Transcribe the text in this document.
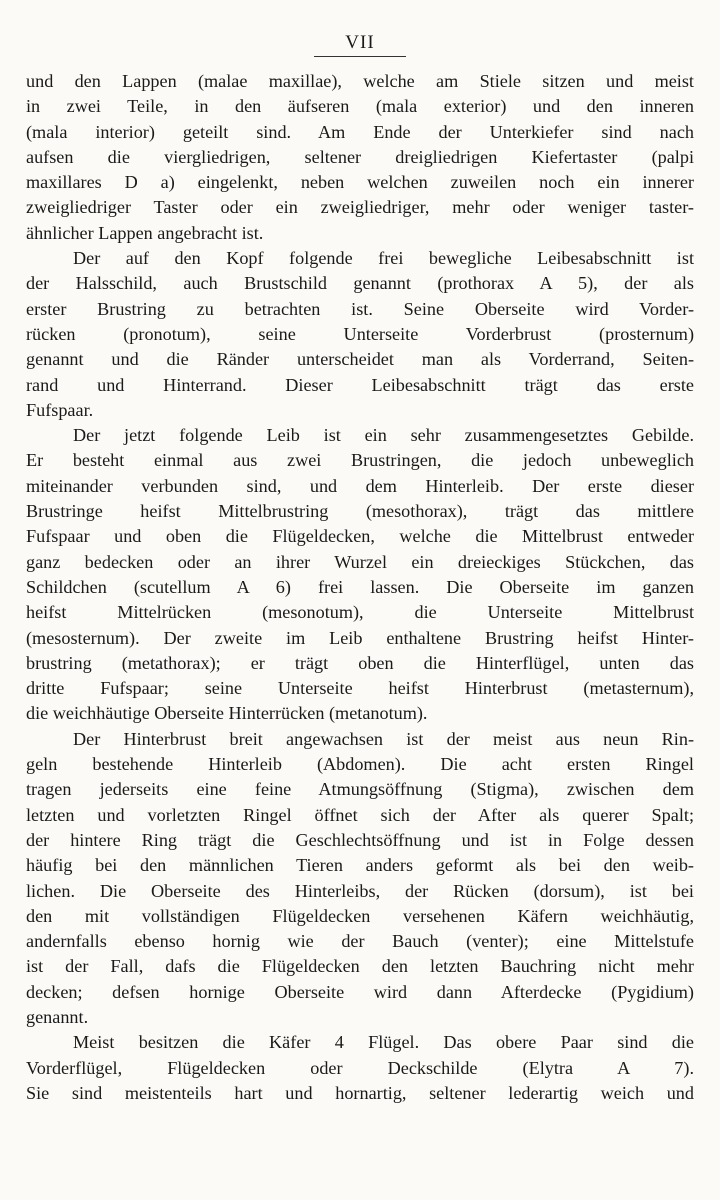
VII
und den Lappen (malae maxillae), welche am Stiele sitzen und meist
in zwei Teile, in den äufseren (mala exterior) und den inneren
(mala interior) geteilt sind. Am Ende der Unterkiefer sind nach
aufsen die viergliedrigen, seltener dreigliedrigen Kiefertaster (palpi
maxillares D a) eingelenkt, neben welchen zuweilen noch ein innerer
zweigliedriger Taster oder ein zweigliedriger, mehr oder weniger taster-
ähnlicher Lappen angebracht ist.
Der auf den Kopf folgende frei bewegliche Leibesabschnitt ist
der Halsschild, auch Brustschild genannt (prothorax A 5), der als
erster Brustring zu betrachten ist. Seine Oberseite wird Vorder-
rücken (pronotum), seine Unterseite Vorderbrust (prosternum)
genannt und die Ränder unterscheidet man als Vorderrand, Seiten-
rand und Hinterrand. Dieser Leibesabschnitt trägt das erste
Fufspaar.
Der jetzt folgende Leib ist ein sehr zusammengesetztes Gebilde.
Er besteht einmal aus zwei Brustringen, die jedoch unbeweglich
miteinander verbunden sind, und dem Hinterleib. Der erste dieser
Brustringe heifst Mittelbrustring (mesothorax), trägt das mittlere
Fufspaar und oben die Flügeldecken, welche die Mittelbrust entweder
ganz bedecken oder an ihrer Wurzel ein dreieckiges Stückchen, das
Schildchen (scutellum A 6) frei lassen. Die Oberseite im ganzen
heifst Mittelrücken (mesonotum), die Unterseite Mittelbrust
(mesosternum). Der zweite im Leib enthaltene Brustring heifst Hinter-
brustring (metathorax); er trägt oben die Hinterflügel, unten das
dritte Fufspaar; seine Unterseite heifst Hinterbrust (metasternum),
die weichhäutige Oberseite Hinterrücken (metanotum).
Der Hinterbrust breit angewachsen ist der meist aus neun Rin-
geln bestehende Hinterleib (Abdomen). Die acht ersten Ringel
tragen jederseits eine feine Atmungsöffnung (Stigma), zwischen dem
letzten und vorletzten Ringel öffnet sich der After als querer Spalt;
der hintere Ring trägt die Geschlechtsöffnung und ist in Folge dessen
häufig bei den männlichen Tieren anders geformt als bei den weib-
lichen. Die Oberseite des Hinterleibs, der Rücken (dorsum), ist bei
den mit vollständigen Flügeldecken versehenen Käfern weichhäutig,
andernfalls ebenso hornig wie der Bauch (venter); eine Mittelstufe
ist der Fall, dafs die Flügeldecken den letzten Bauchring nicht mehr
decken; defsen hornige Oberseite wird dann Afterdecke (Pygidium)
genannt.
Meist besitzen die Käfer 4 Flügel. Das obere Paar sind die
Vorderflügel, Flügeldecken oder Deckschilde (Elytra A 7).
Sie sind meistenteils hart und hornartig, seltener lederartig weich und
